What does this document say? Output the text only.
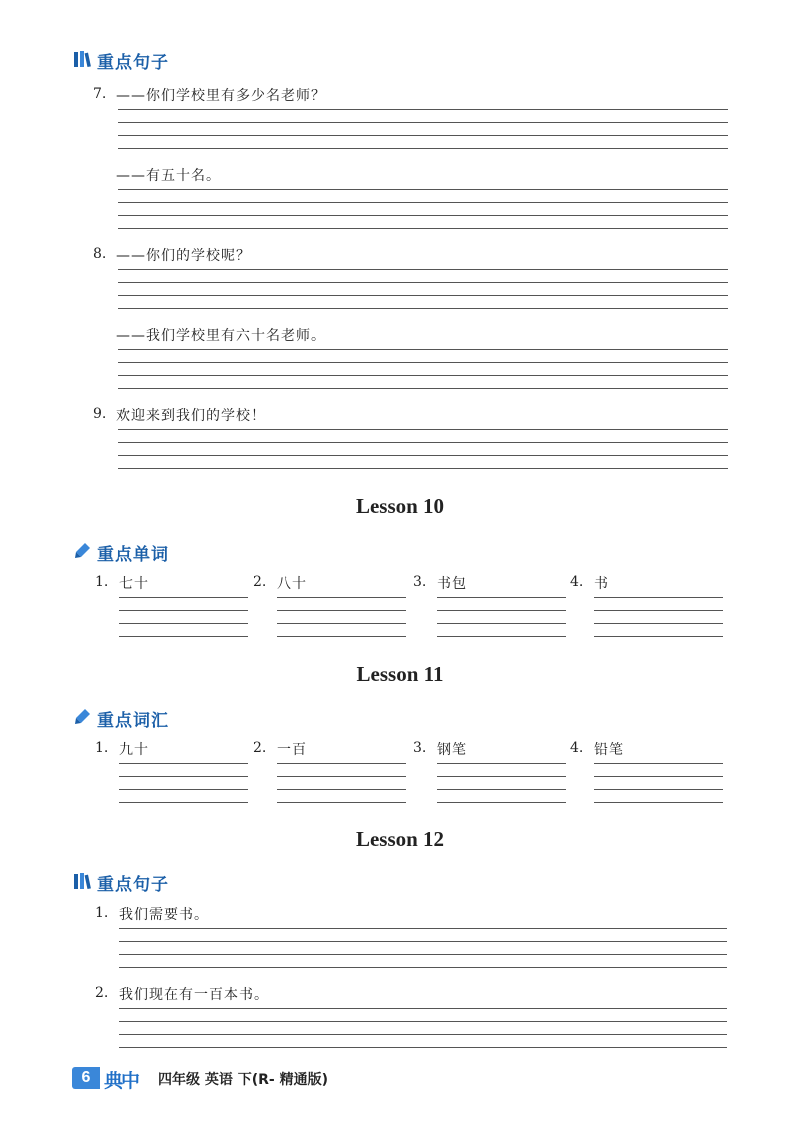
重点句子
7. ——你们学校里有多少名老师？
——有五十名。
8. ——你们的学校呢？
——我们学校里有六十名老师。
9. 欢迎来到我们的学校！
Lesson 10
重点单词
1. 七十	2. 八十	3. 书包	4. 书
Lesson 11
重点词汇
1. 九十	2. 一百	3. 钢笔	4. 铅笔
Lesson 12
重点句子
1. 我们需要书。
2. 我们现在有一百本书。
6 典中 四年级 英语 下(R- 精通版)
